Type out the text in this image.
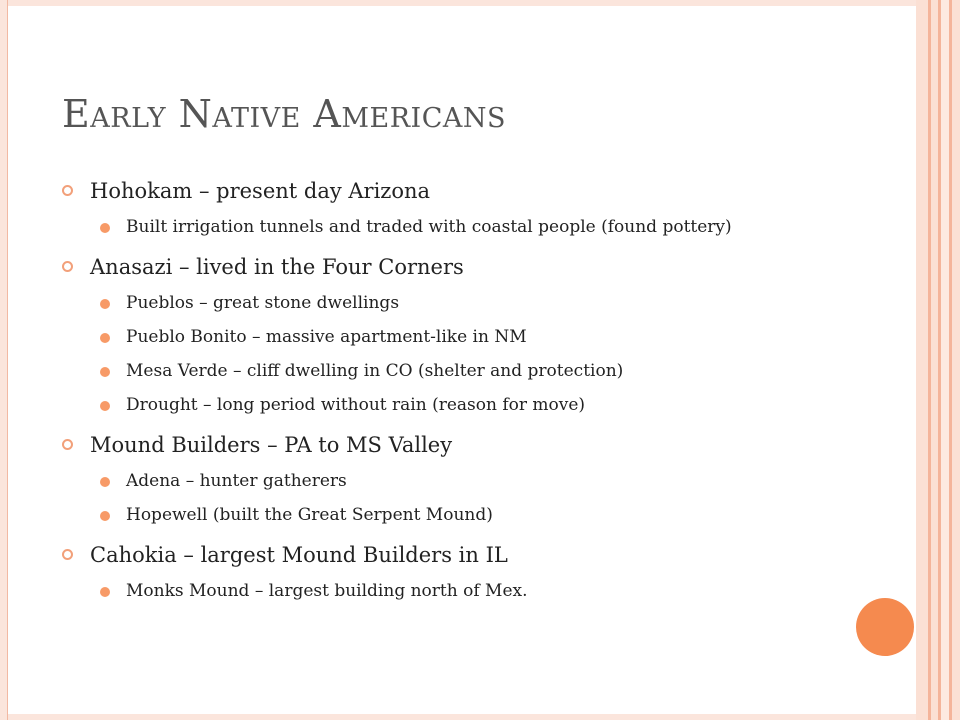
Early Native Americans
Hohokam – present day Arizona
Built irrigation tunnels and traded with coastal people (found pottery)
Anasazi – lived in the Four Corners
Pueblos – great stone dwellings
Pueblo Bonito – massive apartment-like in NM
Mesa Verde – cliff dwelling in CO (shelter and protection)
Drought – long period without rain (reason for move)
Mound Builders – PA to MS Valley
Adena – hunter gatherers
Hopewell (built the Great Serpent Mound)
Cahokia – largest Mound Builders in IL
Monks Mound – largest building north of Mex.
